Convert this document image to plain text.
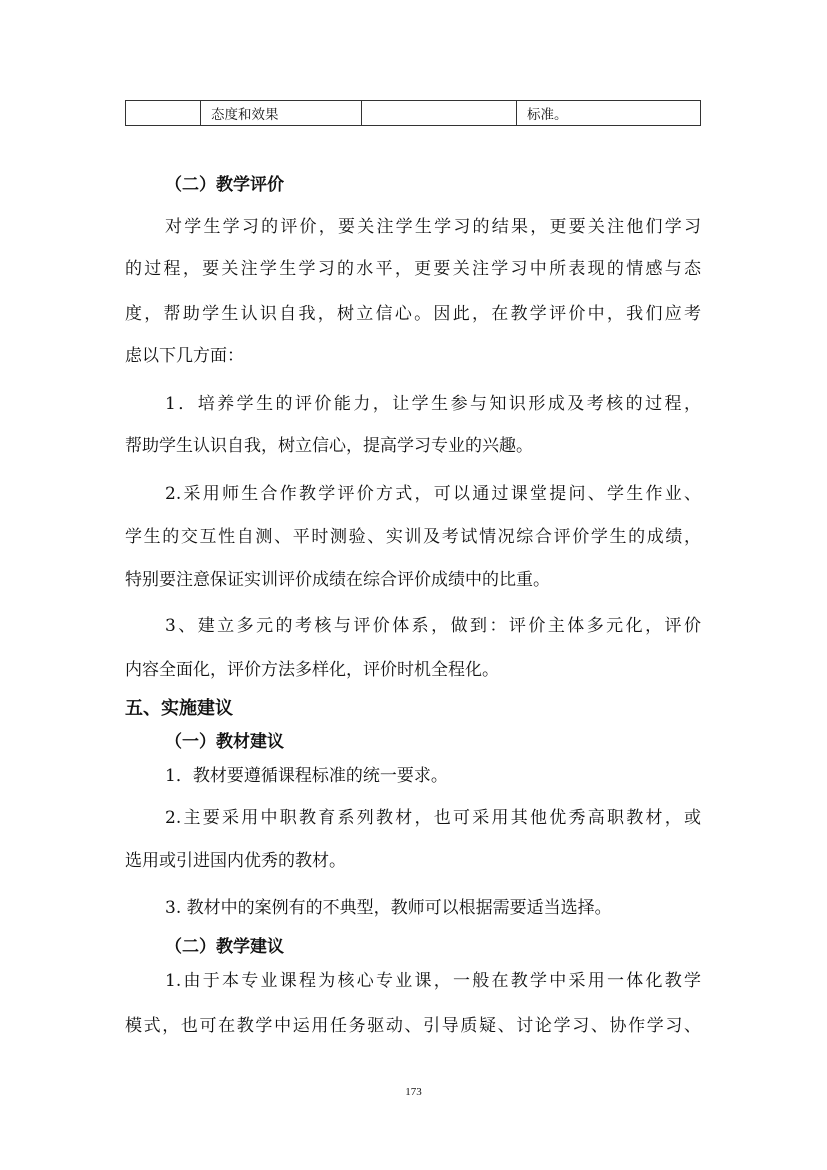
	态度和效果		标准。
（二）教学评价
对学生学习的评价，要关注学生学习的结果，更要关注他们学习
的过程，要关注学生学习的水平，更要关注学习中所表现的情感与态
度，帮助学生认识自我，树立信心。因此，在教学评价中，我们应考
虑以下几方面：
1．培养学生的评价能力，让学生参与知识形成及考核的过程，
帮助学生认识自我，树立信心，提高学习专业的兴趣。
2.采用师生合作教学评价方式，可以通过课堂提问、学生作业、
学生的交互性自测、平时测验、实训及考试情况综合评价学生的成绩，
特别要注意保证实训评价成绩在综合评价成绩中的比重。
3、建立多元的考核与评价体系，做到：评价主体多元化，评价
内容全面化，评价方法多样化，评价时机全程化。
五、实施建议
（一）教材建议
1．教材要遵循课程标准的统一要求。
2.主要采用中职教育系列教材，也可采用其他优秀高职教材，或
选用或引进国内优秀的教材。
3. 教材中的案例有的不典型，教师可以根据需要适当选择。
（二）教学建议
1.由于本专业课程为核心专业课，一般在教学中采用一体化教学
模式，也可在教学中运用任务驱动、引导质疑、讨论学习、协作学习、
173
